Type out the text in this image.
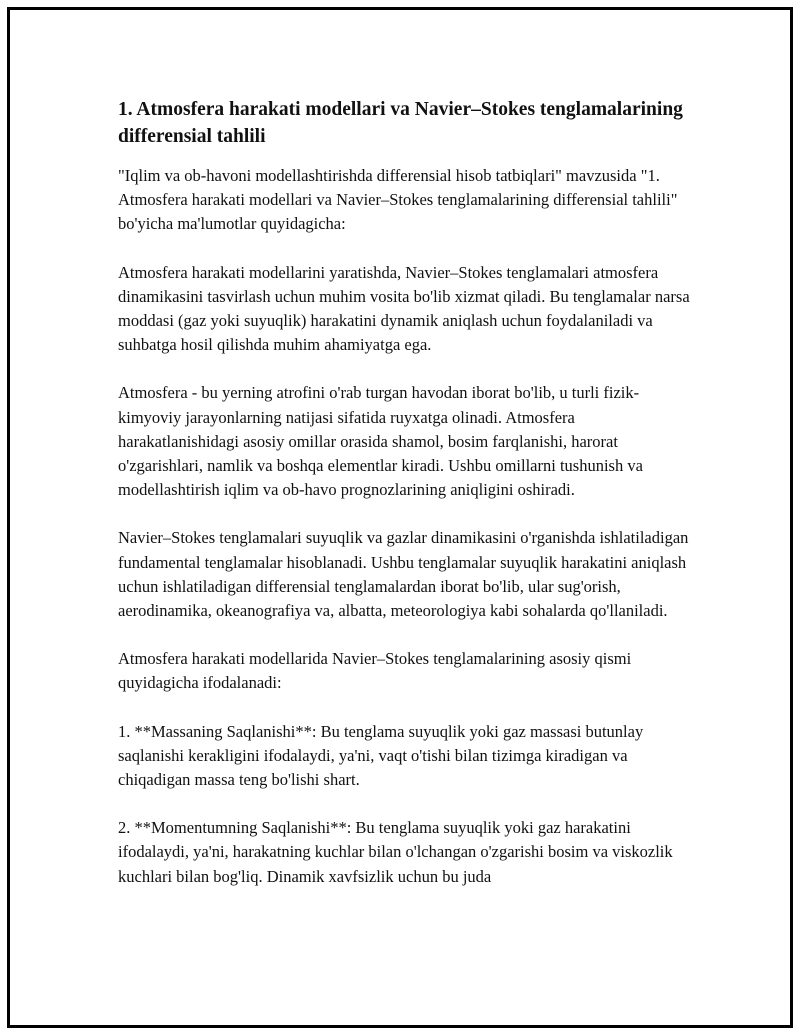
1. Atmosfera harakati modellari va Navier–Stokes tenglamalarining differensial tahlili

"Iqlim va ob-havoni modellashtirishda differensial hisob tatbiqlari" mavzusida "1. Atmosfera harakati modellari va Navier–Stokes tenglamalarining differensial tahlili" bo'yicha ma'lumotlar quyidagicha:

Atmosfera harakati modellarini yaratishda, Navier–Stokes tenglamalari atmosfera dinamikasini tasvirlash uchun muhim vosita bo'lib xizmat qiladi. Bu tenglamalar narsa moddasi (gaz yoki suyuqlik) harakatini dynamik aniqlash uchun foydalaniladi va suhbatga hosil qilishda muhim ahamiyatga ega.

Atmosfera - bu yerning atrofini o'rab turgan havodan iborat bo'lib, u turli fizik-kimyoviy jarayonlarning natijasi sifatida ruyxatga olinadi. Atmosfera harakatlanishidagi asosiy omillar orasida shamol, bosim farqlanishi, harorat o'zgarishlari, namlik va boshqa elementlar kiradi. Ushbu omillarni tushunish va modellashtirish iqlim va ob-havo prognozlarining aniqligini oshiradi.

Navier–Stokes tenglamalari suyuqlik va gazlar dinamikasini o'rganishda ishlatiladigan fundamental tenglamalar hisoblanadi. Ushbu tenglamalar suyuqlik harakatini aniqlash uchun ishlatiladigan differensial tenglamalardan iborat bo'lib, ular sug'orish, aerodinamika, okeanografiya va, albatta, meteorologiya kabi sohalarda qo'llaniladi.

Atmosfera harakati modellarida Navier–Stokes tenglamalarining asosiy qismi quyidagicha ifodalanadi:

1. **Massaning Saqlanishi**: Bu tenglama suyuqlik yoki gaz massasi butunlay saqlanishi kerakligini ifodalaydi, ya'ni, vaqt o'tishi bilan tizimga kiradigan va chiqadigan massa teng bo'lishi shart.

2. **Momentumning Saqlanishi**: Bu tenglama suyuqlik yoki gaz harakatini ifodalaydi, ya'ni, harakatning kuchlar bilan o'lchangan o'zgarishi bosim va viskozlik kuchlari bilan bog'liq. Dinamik xavfsizlik uchun bu juda
